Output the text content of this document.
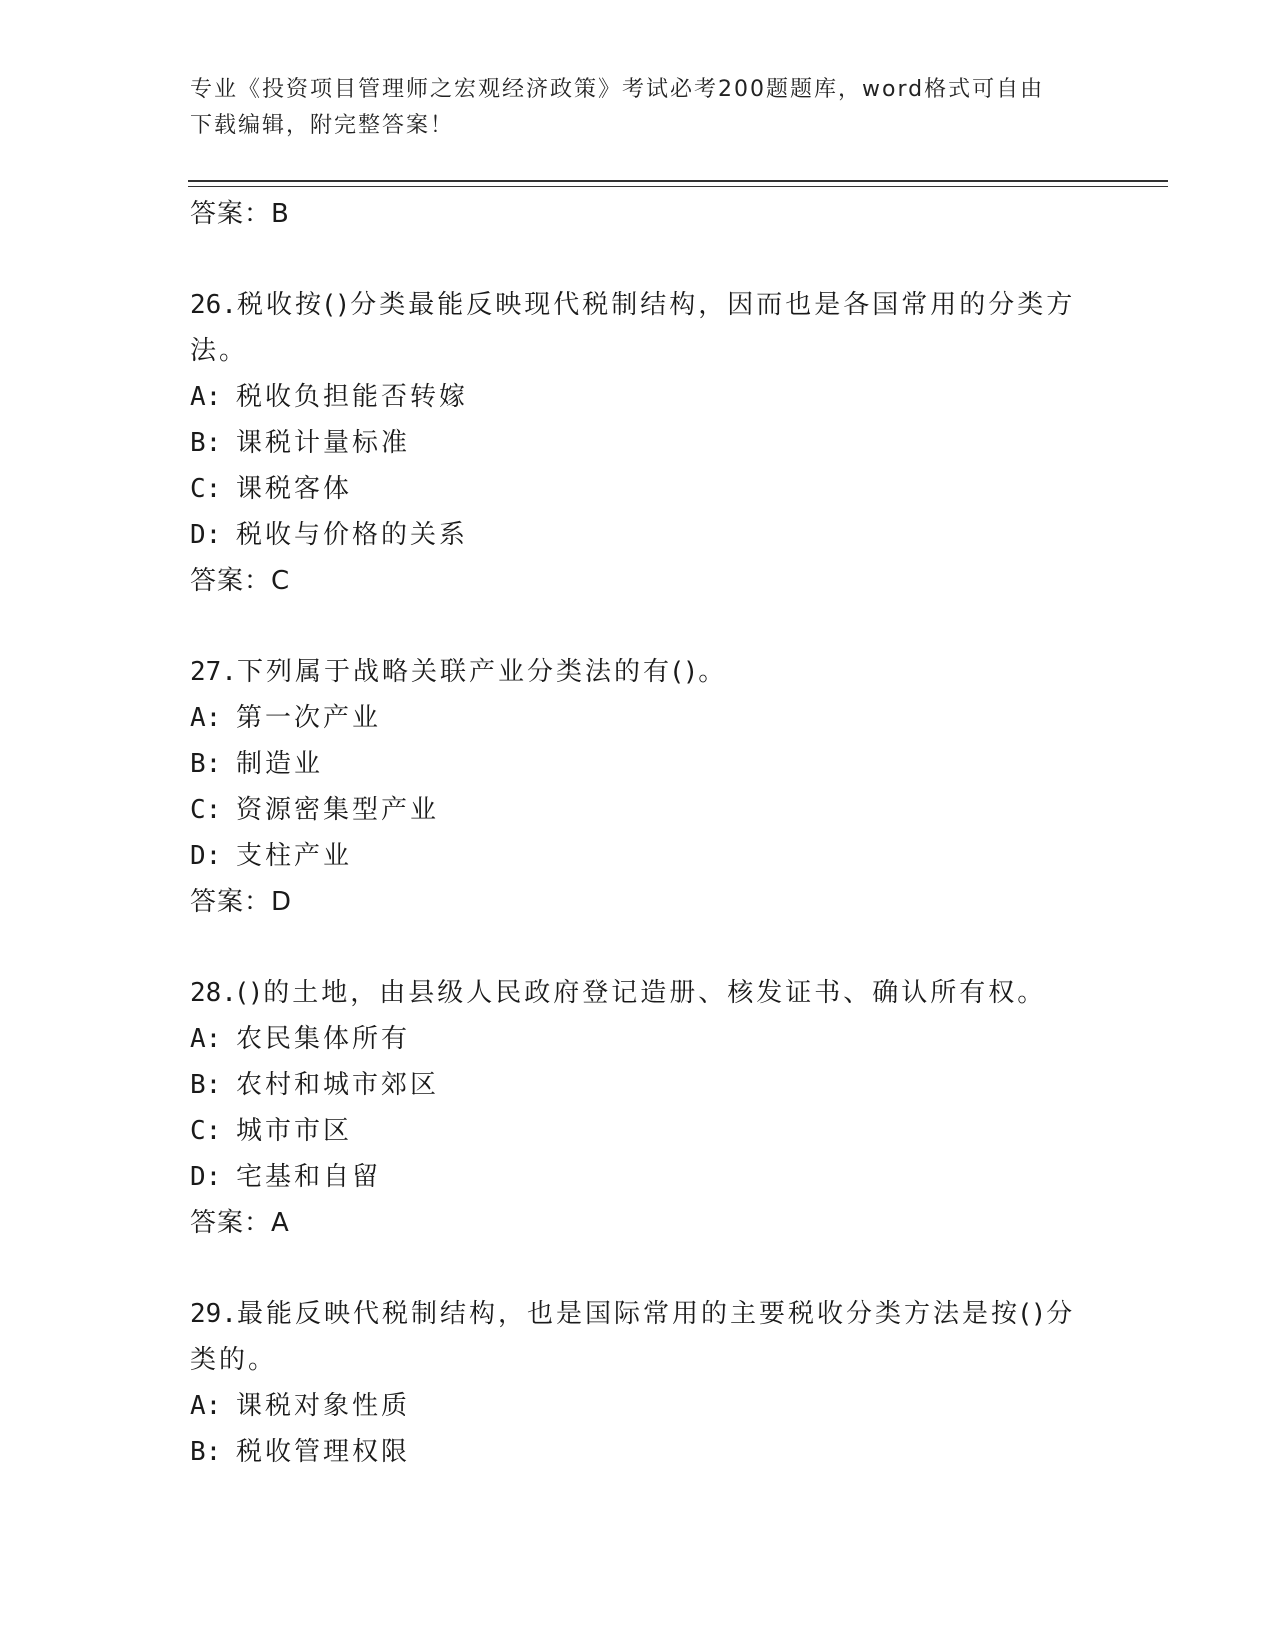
专业《投资项目管理师之宏观经济政策》考试必考200题题库，word格式可自由
下载编辑，附完整答案！
答案：B
26.税收按()分类最能反映现代税制结构，因而也是各国常用的分类方
法。
A: 税收负担能否转嫁
B: 课税计量标准
C: 课税客体
D: 税收与价格的关系
答案：C
27.下列属于战略关联产业分类法的有()。
A: 第一次产业
B: 制造业
C: 资源密集型产业
D: 支柱产业
答案：D
28.()的土地，由县级人民政府登记造册、核发证书、确认所有权。
A: 农民集体所有
B: 农村和城市郊区
C: 城市市区
D: 宅基和自留
答案：A
29.最能反映代税制结构，也是国际常用的主要税收分类方法是按()分
类的。
A: 课税对象性质
B: 税收管理权限
